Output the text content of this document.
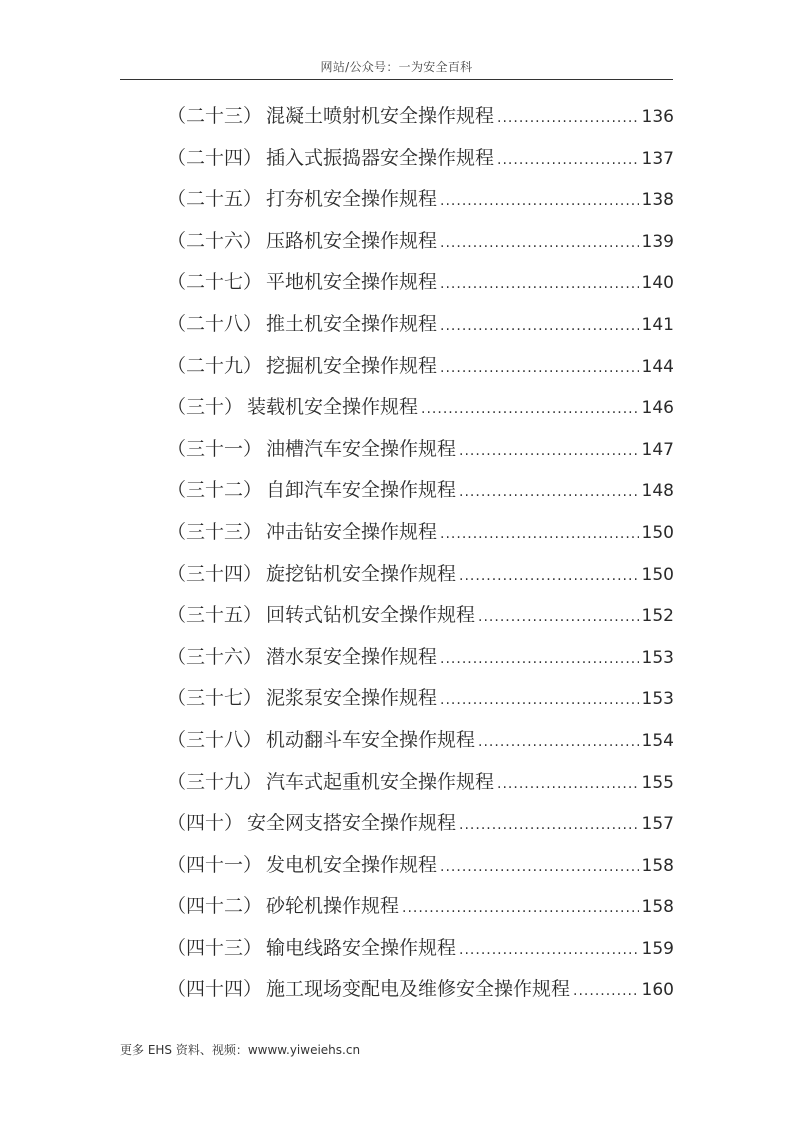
网站/公众号：一为安全百科
（二十三） 混凝土喷射机安全操作规程 .....	136
（二十四） 插入式振捣器安全操作规程 .....	137
（二十五） 打夯机安全操作规程 .....	138
（二十六） 压路机安全操作规程 .....	139
（二十七） 平地机安全操作规程 .....	140
（二十八） 推土机安全操作规程 .....	141
（二十九） 挖掘机安全操作规程 .....	144
（三十） 装载机安全操作规程 .....	146
（三十一） 油槽汽车安全操作规程 .....	147
（三十二） 自卸汽车安全操作规程 .....	148
（三十三） 冲击钻安全操作规程 .....	150
（三十四） 旋挖钻机安全操作规程 .....	150
（三十五） 回转式钻机安全操作规程 .....	152
（三十六） 潜水泵安全操作规程 .....	153
（三十七） 泥浆泵安全操作规程 .....	153
（三十八） 机动翻斗车安全操作规程 .....	154
（三十九） 汽车式起重机安全操作规程 .....	155
（四十） 安全网支搭安全操作规程 .....	157
（四十一） 发电机安全操作规程 .....	158
（四十二） 砂轮机操作规程 .....	158
（四十三） 输电线路安全操作规程 .....	159
（四十四） 施工现场变配电及维修安全操作规程 .....	160
更多 EHS 资料、视频：wwww.yiweiehs.cn
